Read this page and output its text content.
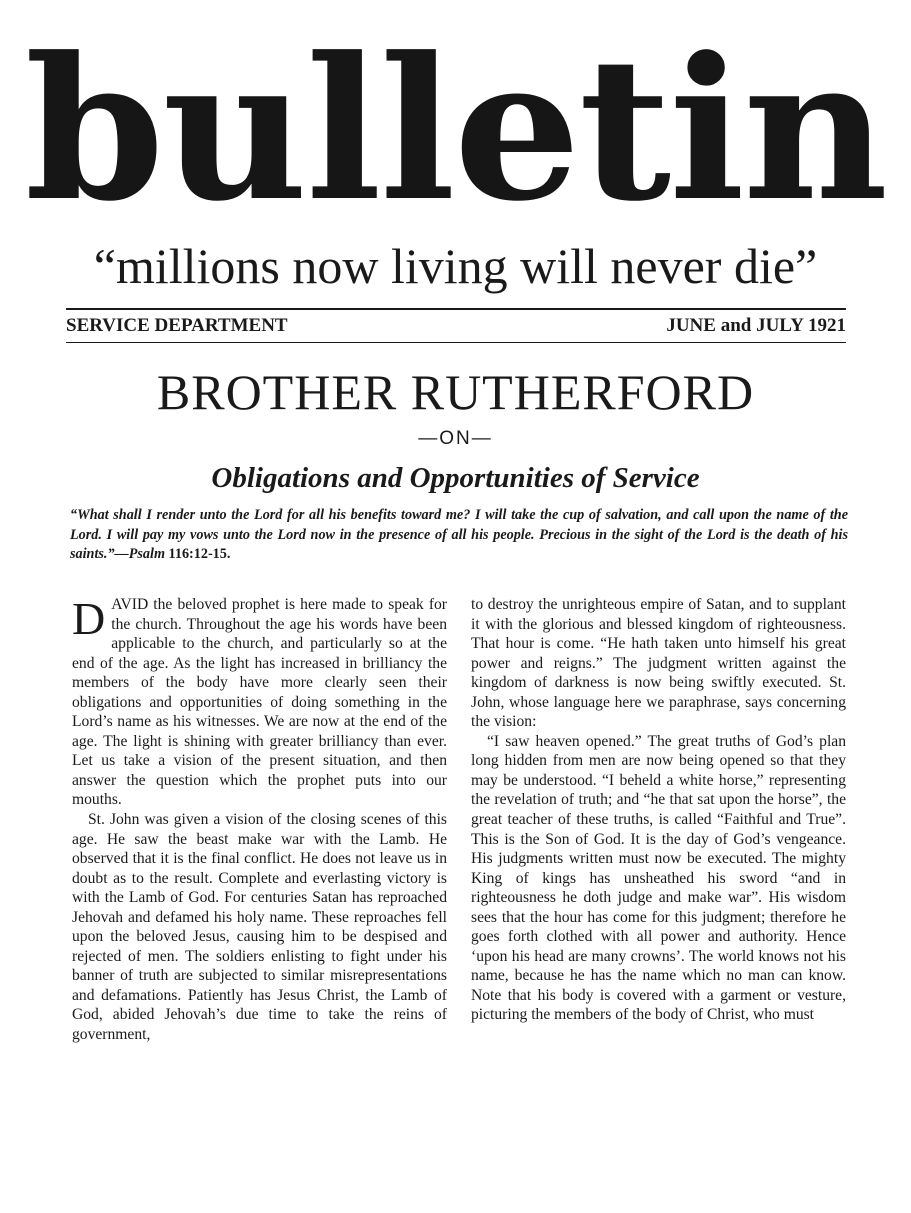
bulletin
“millions now living will never die”
SERVICE DEPARTMENT	JUNE and JULY 1921
BROTHER RUTHERFORD
—ON—
Obligations and Opportunities of Service
“What shall I render unto the Lord for all his benefits toward me? I will take the cup of salvation, and call upon the name of the Lord. I will pay my vows unto the Lord now in the presence of all his people. Precious in the sight of the Lord is the death of his saints.”—Psalm 116:12-15.

DAVID the beloved prophet is here made to speak for the church. Throughout the age his words have been applicable to the church, and particularly so at the end of the age. As the light has increased in brilliancy the members of the body have more clearly seen their obligations and opportunities of doing something in the Lord’s name as his witnesses. We are now at the end of the age. The light is shining with greater brilliancy than ever. Let us take a vision of the present situation, and then answer the question which the prophet puts into our mouths.

St. John was given a vision of the closing scenes of this age. He saw the beast make war with the Lamb. He observed that it is the final conflict. He does not leave us in doubt as to the result. Complete and everlasting victory is with the Lamb of God. For centuries Satan has reproached Jehovah and defamed his holy name. These reproaches fell upon the beloved Jesus, causing him to be despised and rejected of men. The soldiers enlisting to fight under his banner of truth are subjected to similar misrepresentations and defamations. Patiently has Jesus Christ, the Lamb of God, abided Jehovah’s due time to take the reins of government,

to destroy the unrighteous empire of Satan, and to supplant it with the glorious and blessed kingdom of righteousness. That hour is come. “He hath taken unto himself his great power and reigns.” The judgment written against the kingdom of darkness is now being swiftly executed. St. John, whose language here we paraphrase, says concerning the vision:

“I saw heaven opened.” The great truths of God’s plan long hidden from men are now being opened so that they may be understood. “I beheld a white horse,” representing the revelation of truth; and “he that sat upon the horse”, the great teacher of these truths, is called “Faithful and True”. This is the Son of God. It is the day of God’s vengeance. His judgments written must now be executed. The mighty King of kings has unsheathed his sword “and in righteousness he doth judge and make war”. His wisdom sees that the hour has come for this judgment; therefore he goes forth clothed with all power and authority. Hence ‘upon his head are many crowns’. The world knows not his name, because he has the name which no man can know. Note that his body is covered with a garment or vesture, picturing the members of the body of Christ, who must
